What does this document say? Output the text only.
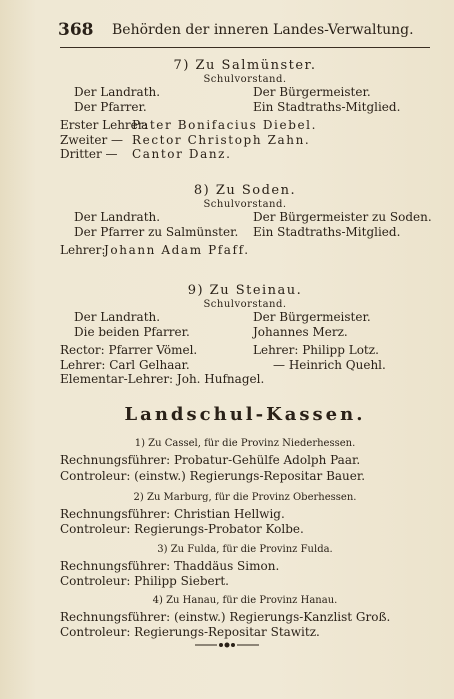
368 Behörden der inneren Landes-Verwaltung.
7) Zu Salmünster.
Schulvorstand.
Der Landrath.	Der Bürgermeister.
Der Pfarrer.	Ein Stadtraths-Mitglied.
Erster Lehrer:
Pater Bonifacius Diebel.
Zweiter — Rector Christoph Zahn.
Dritter — Cantor Danz.
8) Zu Soden.
Schulvorstand.
Der Landrath.	Der Bürgermeister zu Soden.
Der Pfarrer zu Salmünster. Ein Stadtraths-Mitglied.
Lehrer:
Johann Adam Pfaff.
9) Zu Steinau.
Schulvorstand.
Der Landrath.	Der Bürgermeister.
Die beiden Pfarrer.	Johannes Merz.
Rector: Pfarrer Vömel.	Lehrer: Philipp Lotz.
Lehrer: Carl Gelhaar.	— Heinrich Quehl.
Elementar-Lehrer: Joh. Hufnagel.
Landschul-Kassen.
1) Zu Cassel, für die Provinz Niederhessen.
Rechnungsführer: Probatur-Gehülfe Adolph Paar.
Controleur: (einstw.) Regierungs-Repositar Bauer.
2) Zu Marburg, für die Provinz Oberhessen.
Rechnungsführer: Christian Hellwig.
Controleur: Regierungs-Probator Kolbe.
3) Zu Fulda, für die Provinz Fulda.
Rechnungsführer: Thaddäus Simon.
Controleur: Philipp Siebert.
4) Zu Hanau, für die Provinz Hanau.
Rechnungsführer: (einstw.) Regierungs-Kanzlist Groß.
Controleur: Regierungs-Repositar Stawitz.
